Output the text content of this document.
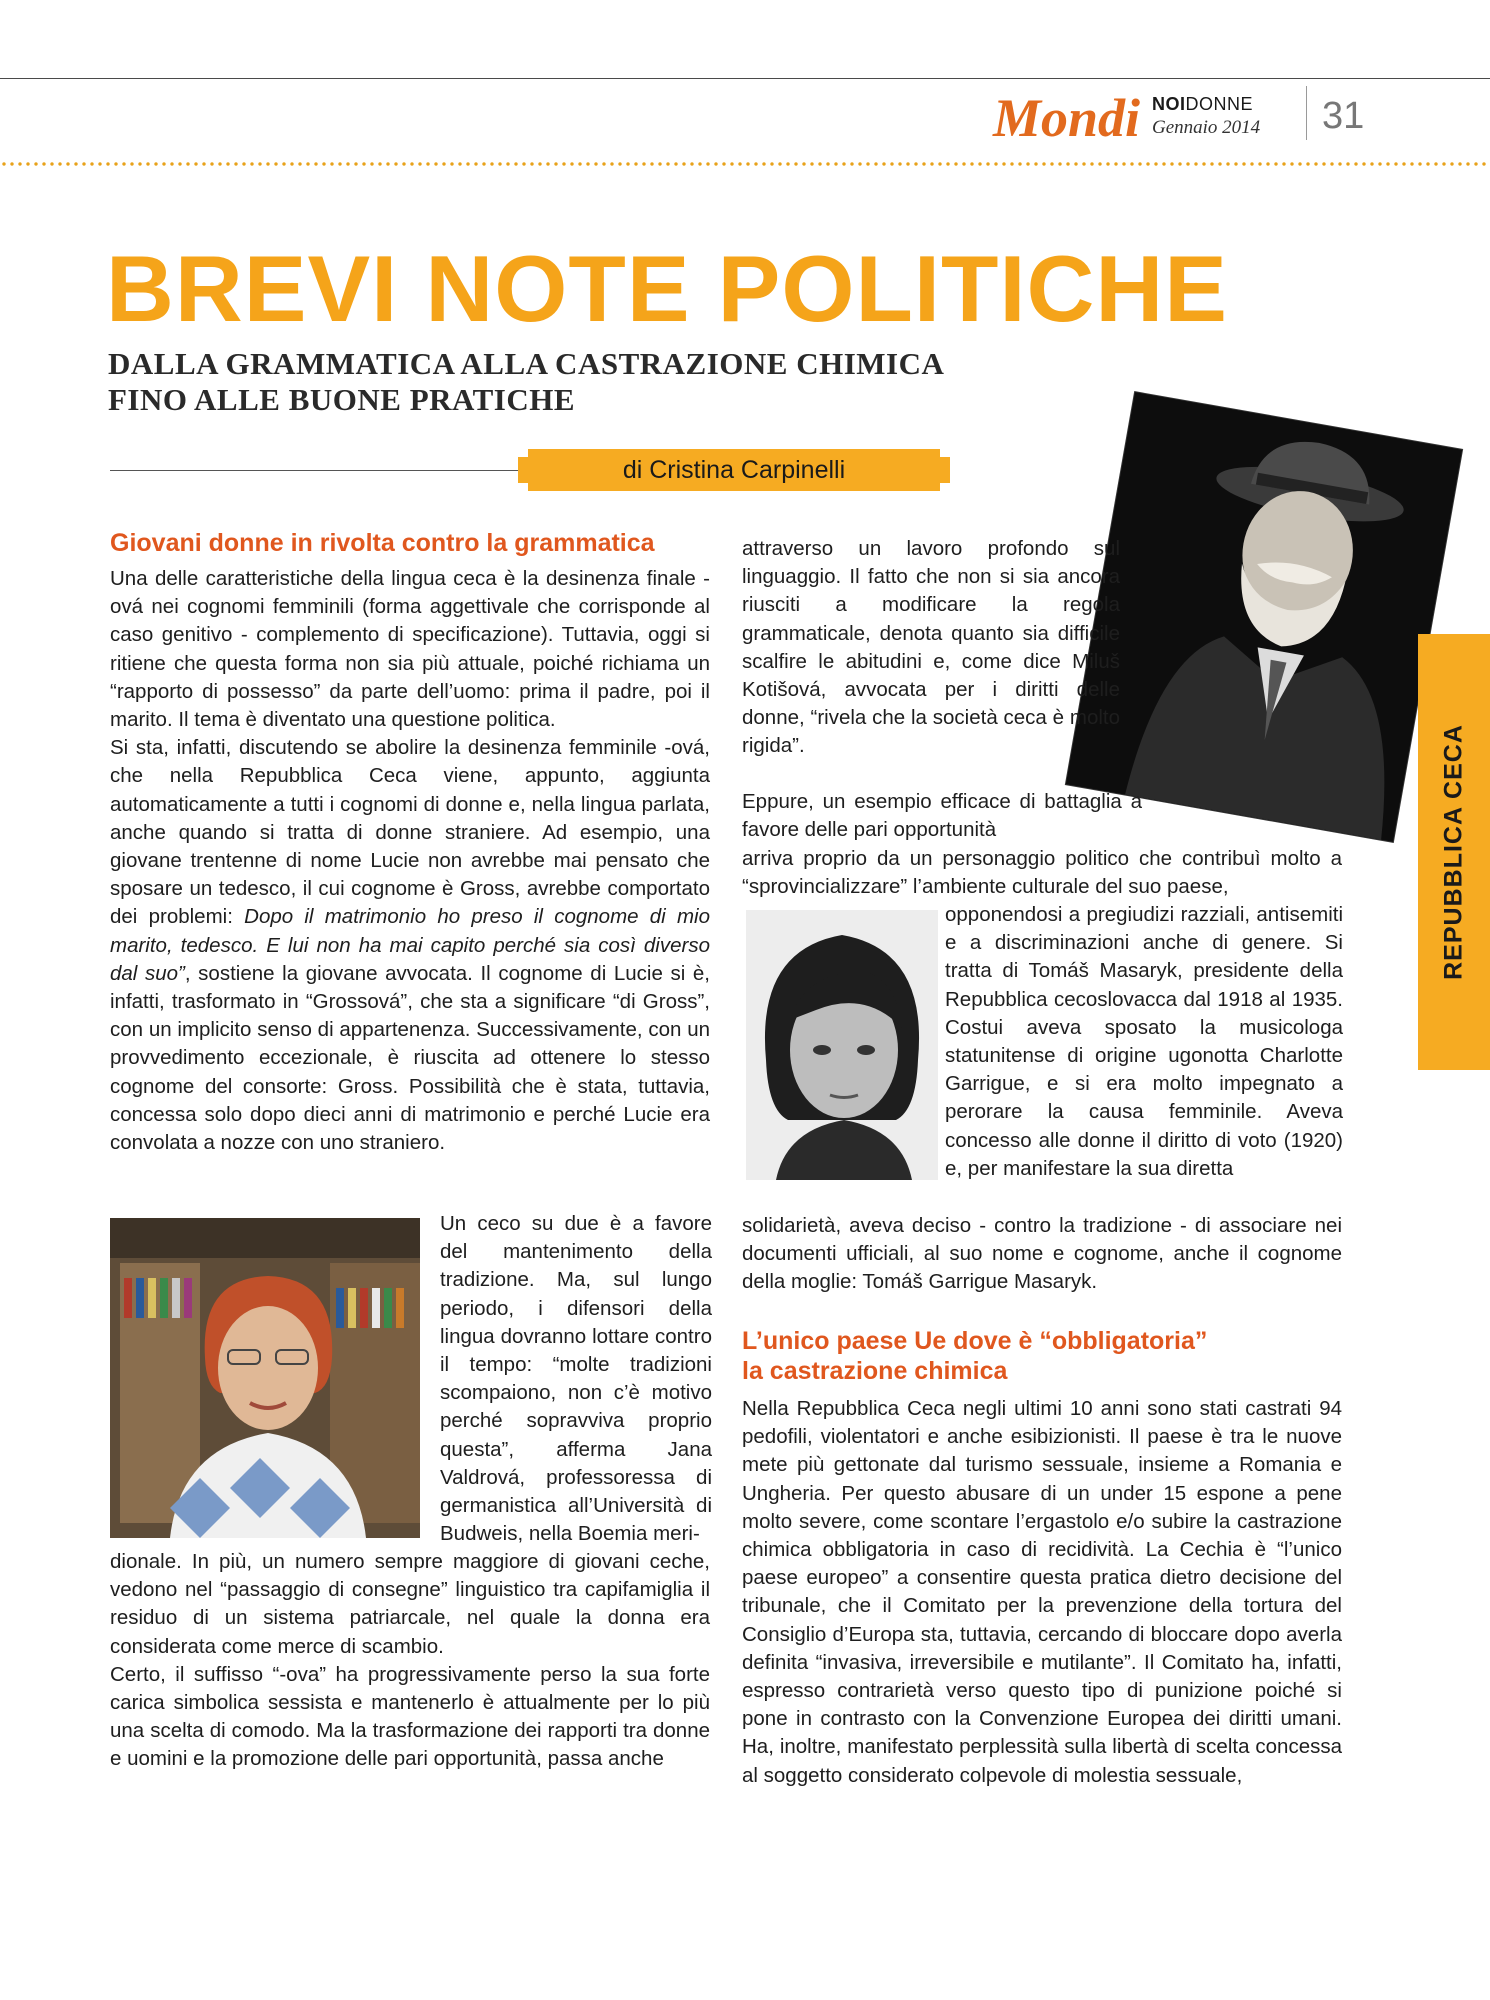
Mondi NOIDONNE
Gennaio 2014 31
BREVI NOTE POLITICHE
DALLA GRAMMATICA ALLA CASTRAZIONE CHIMICA
FINO ALLE BUONE PRATICHE
di Cristina Carpinelli
REPUBBLICA CECA
Giovani donne in rivolta contro la grammatica

Una delle caratteristiche della lingua ceca è la desinenza finale -ová nei cognomi femminili (forma aggettivale che corrisponde al caso genitivo - complemento di specificazione). Tuttavia, oggi si ritiene che questa forma non sia più attuale, poiché richiama un “rapporto di possesso” da parte dell’uomo: prima il padre, poi il marito. Il tema è diventato una questione politica.

Si sta, infatti, discutendo se abolire la desinenza femminile -ová, che nella Repubblica Ceca viene, appunto, aggiunta automaticamente a tutti i cognomi di donne e, nella lingua parlata, anche quando si tratta di donne straniere. Ad esempio, una giovane trentenne di nome Lucie non avrebbe mai pensato che sposare un tedesco, il cui cognome è Gross, avrebbe comportato dei problemi: Dopo il matrimonio ho preso il cognome di mio marito, tedesco. E lui non ha mai capito perché sia così diverso dal suo”, sostiene la giovane avvocata. Il cognome di Lucie si è, infatti, trasformato in “Grossová”, che sta a significare “di Gross”, con un implicito senso di appartenenza. Successivamente, con un provvedimento eccezionale, è riuscita ad ottenere lo stesso cognome del consorte: Gross. Possibilità che è stata, tuttavia, concessa solo dopo dieci anni di matrimonio e perché Lucie era convolata a nozze con uno straniero.

Un ceco su due è a favore del mantenimento della tradizione. Ma, sul lungo periodo, i difensori della lingua dovranno lottare contro il tempo: “molte tradizioni scompaiono, non c’è motivo perché sopravviva proprio questa”, afferma Jana Valdrová, professoressa di germanistica all’Università di Budweis, nella Boemia meri-

dionale. In più, un numero sempre maggiore di giovani ceche, vedono nel “passaggio di consegne” linguistico tra capifamiglia il residuo di un sistema patriarcale, nel quale la donna era considerata come merce di scambio.

Certo, il suffisso “-ova” ha progressivamente perso la sua forte carica simbolica sessista e mantenerlo è attualmente per lo più una scelta di comodo. Ma la trasformazione dei rapporti tra donne e uomini e la promozione delle pari opportunità, passa anche

attraverso un lavoro profondo sul linguaggio. Il fatto che non si sia ancora riusciti a modificare la regola grammaticale, denota quanto sia difficile scalfire le abitudini e, come dice Miluš Kotišová, avvocata per i diritti delle donne, “rivela che la società ceca è molto rigida”.

Eppure, un esempio efficace di battaglia a favore delle pari opportunità

arriva proprio da un personaggio politico che contribuì molto a “sprovincializzare” l’ambiente culturale del suo paese,

opponendosi a pregiudizi razziali, antisemiti e a discriminazioni anche di genere. Si tratta di Tomáš Masaryk, presidente della Repubblica cecoslovacca dal 1918 al 1935. Costui aveva sposato la musicologa statunitense di origine ugonotta Charlotte Garrigue, e si era molto impegnato a perorare la causa femminile. Aveva concesso alle donne il diritto di voto (1920) e, per manifestare la sua diretta

solidarietà, aveva deciso - contro la tradizione - di associare nei documenti ufficiali, al suo nome e cognome, anche il cognome della moglie: Tomáš Garrigue Masaryk.

L’unico paese Ue dove è “obbligatoria”
la castrazione chimica

Nella Repubblica Ceca negli ultimi 10 anni sono stati castrati 94 pedofili, violentatori e anche esibizionisti. Il paese è tra le nuove mete più gettonate dal turismo sessuale, insieme a Romania e Ungheria. Per questo abusare di un under 15 espone a pene molto severe, come scontare l’ergastolo e/o subire la castrazione chimica obbligatoria in caso di recidività. La Cechia è “l’unico paese europeo” a consentire questa pratica dietro decisione del tribunale, che il Comitato per la prevenzione della tortura del Consiglio d’Europa sta, tuttavia, cercando di bloccare dopo averla definita “invasiva, irreversibile e mutilante”. Il Comitato ha, infatti, espresso contrarietà verso questo tipo di punizione poiché si pone in contrasto con la Convenzione Europea dei diritti umani. Ha, inoltre, manifestato perplessità sulla libertà di scelta concessa al soggetto considerato colpevole di molestia sessuale,
